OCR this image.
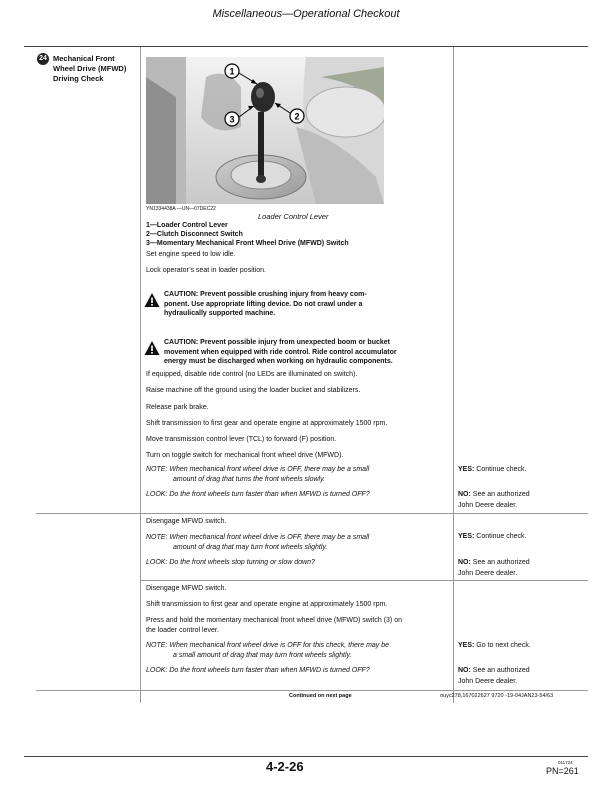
Miscellaneous—Operational Checkout
24 Mechanical Front Wheel Drive (MFWD) Driving Check
1
2
3
YN1334438A —UN—07DEC22
Loader Control Lever
1—Loader Control Lever
2—Clutch Disconnect Switch
3—Momentary Mechanical Front Wheel Drive (MFWD) Switch
Set engine speed to low idle.
Lock operator’s seat in loader position.
CAUTION: Prevent possible crushing injury from heavy com-
ponent. Use appropriate lifting device. Do not crawl under a
hydraulically supported machine.
CAUTION: Prevent possible injury from unexpected boom or bucket
movement when equipped with ride control. Ride control accumulator
energy must be discharged when working on hydraulic components.
If equipped, disable ride control (no LEDs are illuminated on switch).
Raise machine off the ground using the loader bucket and stabilizers.
Release park brake.
Shift transmission to first gear and operate engine at approximately 1500 rpm.
Move transmission control lever (TCL) to forward (F) position.
Turn on toggle switch for mechanical front wheel drive (MFWD).
NOTE: When mechanical front wheel drive is OFF, there may be a small
amount of drag that turns the front wheels slowly.
LOOK: Do the front wheels turn faster than when MFWD is turned OFF?
YES: Continue check.
NO: See an authorized
John Deere dealer.
Disengage MFWD switch.
NOTE: When mechanical front wheel drive is OFF, there may be a small
amount of drag that may turn front wheels slightly.
LOOK: Do the front wheels stop turning or slow down?
YES: Continue check.
NO: See an authorized
John Deere dealer.
Disengage MFWD switch.
Shift transmission to first gear and operate engine at approximately 1500 rpm.
Press and hold the momentary mechanical front wheel drive (MFWD) switch (3) on
the loader control lever.
NOTE: When mechanical front wheel drive is OFF for this check, there may be
a small amount of drag that may turn front wheels slightly.
LOOK: Do the front wheels turn faster than when MFWD is turned OFF?
YES: Go to next check.
NO: See an authorized
John Deere dealer.
Continued on next page	ouyc278,167022627 9720 -19-04JAN23-54/63
4-2-26	011724
PN=261
